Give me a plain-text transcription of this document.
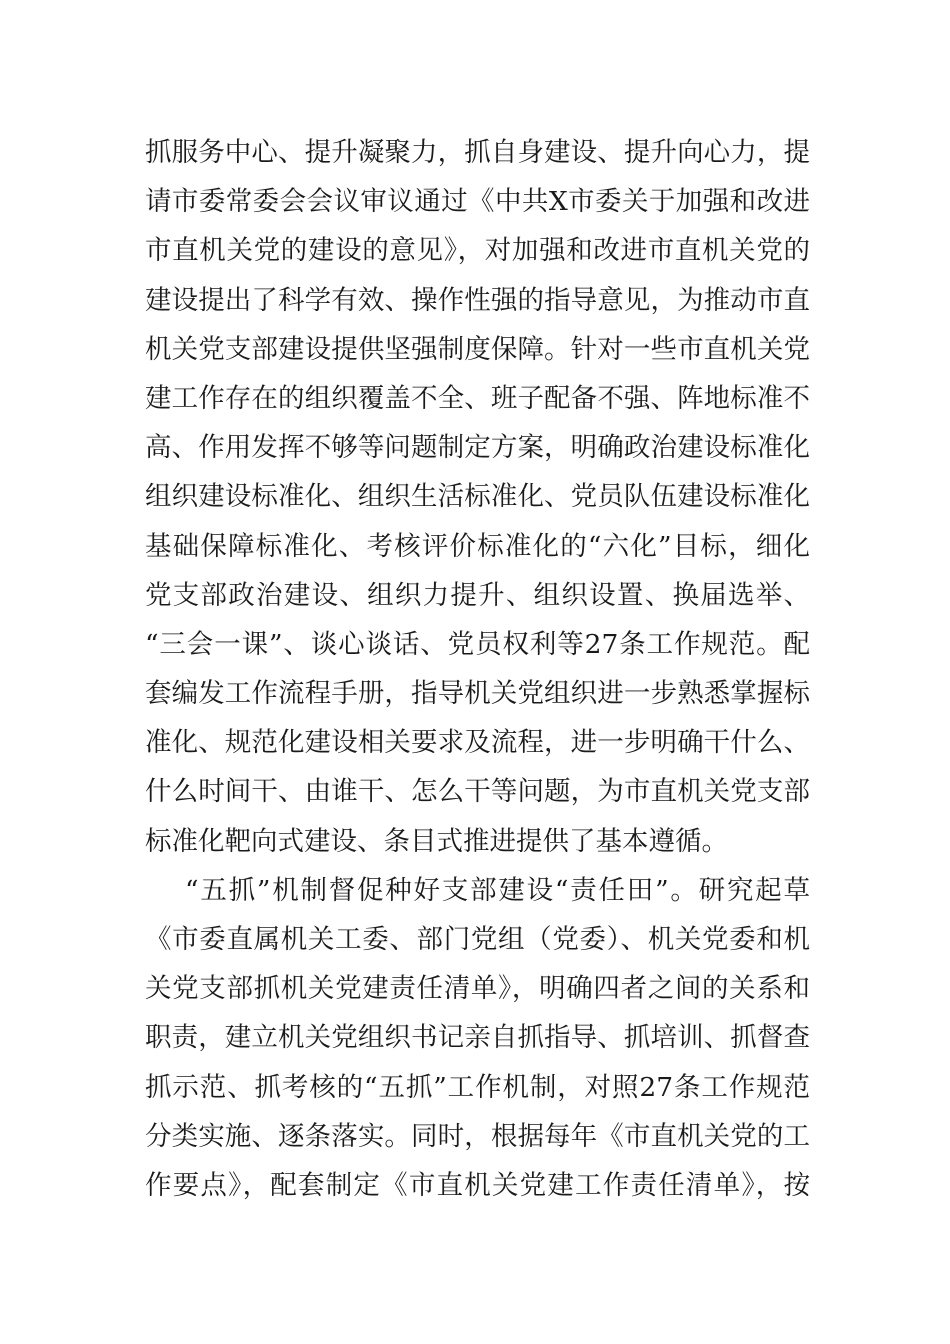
抓服务中心、提升凝聚力，抓自身建设、提升向心力，提
请市委常委会会议审议通过《中共X市委关于加强和改进
市直机关党的建设的意见》，对加强和改进市直机关党的
建设提出了科学有效、操作性强的指导意见，为推动市直
机关党支部建设提供坚强制度保障。针对一些市直机关党
建工作存在的组织覆盖不全、班子配备不强、阵地标准不
高、作用发挥不够等问题制定方案，明确政治建设标准化
组织建设标准化、组织生活标准化、党员队伍建设标准化
基础保障标准化、考核评价标准化的“六化”目标，细化
党支部政治建设、组织力提升、组织设置、换届选举、
“三会一课”、谈心谈话、党员权利等27条工作规范。配
套编发工作流程手册，指导机关党组织进一步熟悉掌握标
准化、规范化建设相关要求及流程，进一步明确干什么、
什么时间干、由谁干、怎么干等问题，为市直机关党支部
标准化靶向式建设、条目式推进提供了基本遵循。
“五抓”机制督促种好支部建设“责任田”。研究起草
《市委直属机关工委、部门党组（党委）、机关党委和机
关党支部抓机关党建责任清单》，明确四者之间的关系和
职责，建立机关党组织书记亲自抓指导、抓培训、抓督查
抓示范、抓考核的“五抓”工作机制，对照27条工作规范
分类实施、逐条落实。同时，根据每年《市直机关党的工
作要点》，配套制定《市直机关党建工作责任清单》，按
